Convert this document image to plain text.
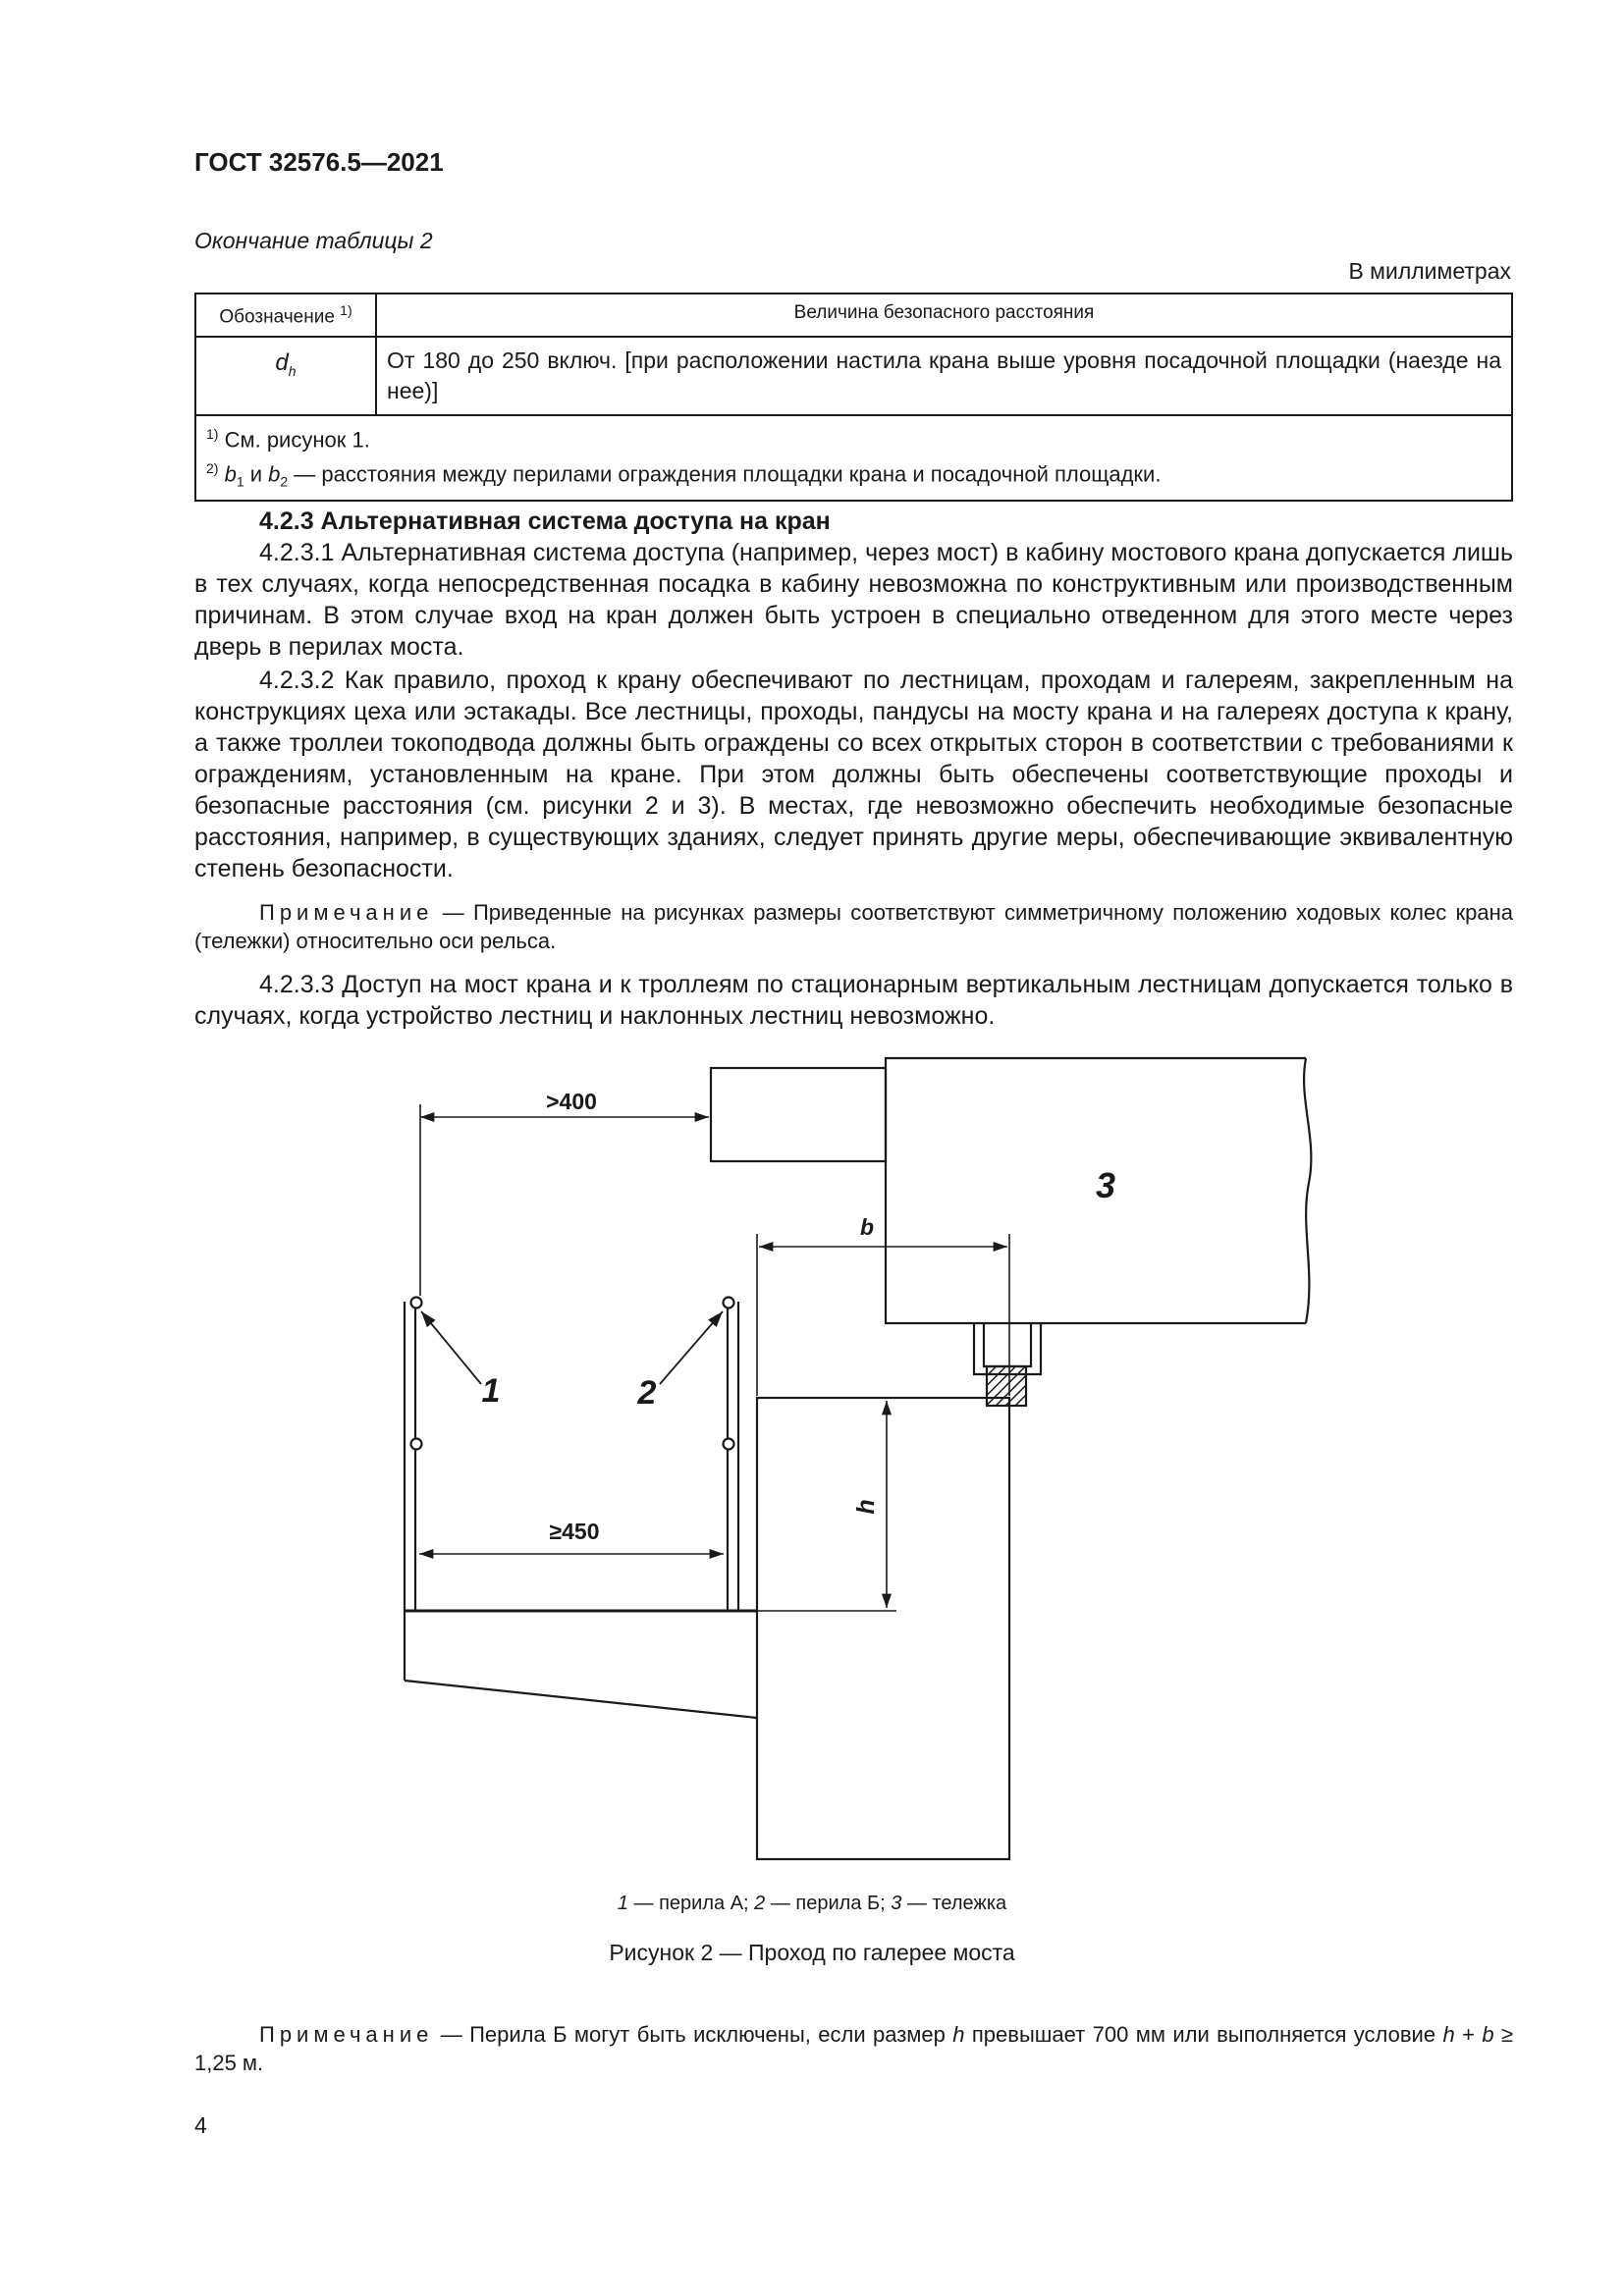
ГОСТ 32576.5—2021
Окончание таблицы 2
В миллиметрах
Обозначение $^{1)}$	Величина безопасного расстояния
$d_h$	От 180 до 250 включ. [при расположении настила крана выше уровня посадочной площадки (наезде на нее)]

$^{1)}$ См. рисунок 1.
$^{2)}$ $b_1$ и $b_2$ — расстояния между перилами ограждения площадки крана и посадочной площадки.	
4.2.3 Альтернативная система доступа на кран
4.2.3.1 Альтернативная система доступа (например, через мост) в кабину мостового крана допускается лишь в тех случаях, когда непосредственная посадка в кабину невозможна по конструктивным или производственным причинам. В этом случае вход на кран должен быть устроен в специально отведенном для этого месте через дверь в перилах моста.
4.2.3.2 Как правило, проход к крану обеспечивают по лестницам, проходам и галереям, закрепленным на конструкциях цеха или эстакады. Все лестницы, проходы, пандусы на мосту крана и на галереях доступа к крану, а также троллеи токоподвода должны быть ограждены со всех открытых сторон в соответствии с требованиями к ограждениям, установленным на кране. При этом должны быть обеспечены соответствующие проходы и безопасные расстояния (см. рисунки 2 и 3). В местах, где невозможно обеспечить необходимые безопасные расстояния, например, в существующих зданиях, следует принять другие меры, обеспечивающие эквивалентную степень безопасности.
Примечание — Приведенные на рисунках размеры соответствуют симметричному положению ходовых колес крана (тележки) относительно оси рельса.
4.2.3.3 Доступ на мост крана и к троллеям по стационарным вертикальным лестницам допускается только в случаях, когда устройство лестниц и наклонных лестниц невозможно.
>400
b
≥450
h
1	2
3
1 — перила А; 2 — перила Б; 3 — тележка
Рисунок 2 — Проход по галерее моста
Примечание — Перила Б могут быть исключены, если размер h превышает 700 мм или выполняется условие h + b ≥ 1,25 м.
4
